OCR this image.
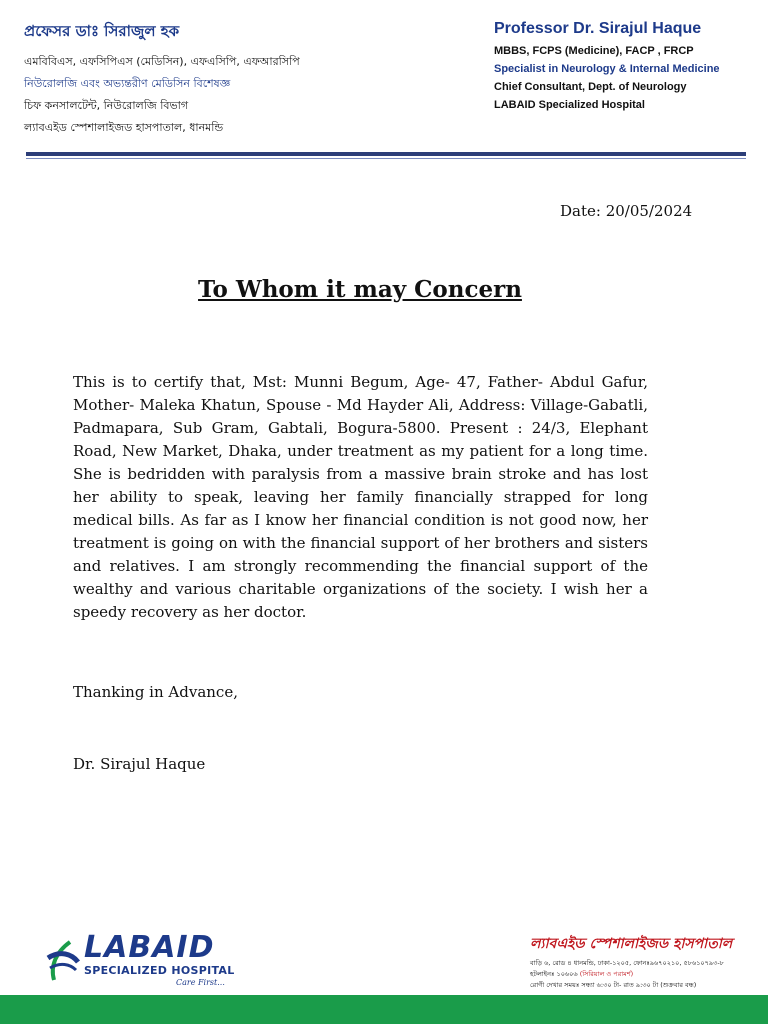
প্রফেসর ডাঃ সিরাজুল হক
এমবিবিএস, এফসিপিএস (মেডিসিন), এফএসিপি, এফআরসিপি
নিউরোলজি এবং অভ্যন্তরীণ মেডিসিন বিশেষজ্ঞ
চিফ কনসালটেন্ট, নিউরোলজি বিভাগ
ল্যাবএইড স্পেশালাইজড হাসপাতাল, ধানমন্ডি
Professor Dr. Sirajul Haque
MBBS, FCPS (Medicine), FACP , FRCP
Specialist in Neurology & Internal Medicine
Chief Consultant, Dept. of Neurology
LABAID Specialized Hospital
Date: 20/05/2024
To Whom it may Concern

This is to certify that, Mst: Munni Begum, Age- 47, Father- Abdul Gafur, Mother- Maleka Khatun, Spouse - Md Hayder Ali, Address: Village-Gabatli, Padmapara, Sub Gram, Gabtali, Bogura-5800. Present : 24/3, Elephant Road, New Market, Dhaka, under treatment as my patient for a long time. She is bedridden with paralysis from a massive brain stroke and has lost her ability to speak, leaving her family financially strapped for long medical bills. As far as I know her financial condition is not good now, her treatment is going on with the financial support of her brothers and sisters and relatives. I am strongly recommending the financial support of the wealthy and various charitable organizations of the society. I wish her a speedy recovery as her doctor.

Thanking in Advance,
Dr. Sirajul Haque
LABAID
SPECIALIZED HOSPITAL
Care First...
ল্যাবএইড স্পেশালাইজড হাসপাতাল
বাড়ি ৬, রোড ৪ ধানমন্ডি, ঢাকা-১২০৫, ফোনঃ৯৬৭০২১০, ৫৮৬১০৭৯৩-৮
হটলাইনঃ ১০৬০৬ (সিরিয়াল ও পরামর্শ)
রোগী দেখার সময়ঃ সন্ধ্যা ৬:৩০ টা- রাত ৯:৩০ টা (শুক্রবার বন্ধ)
